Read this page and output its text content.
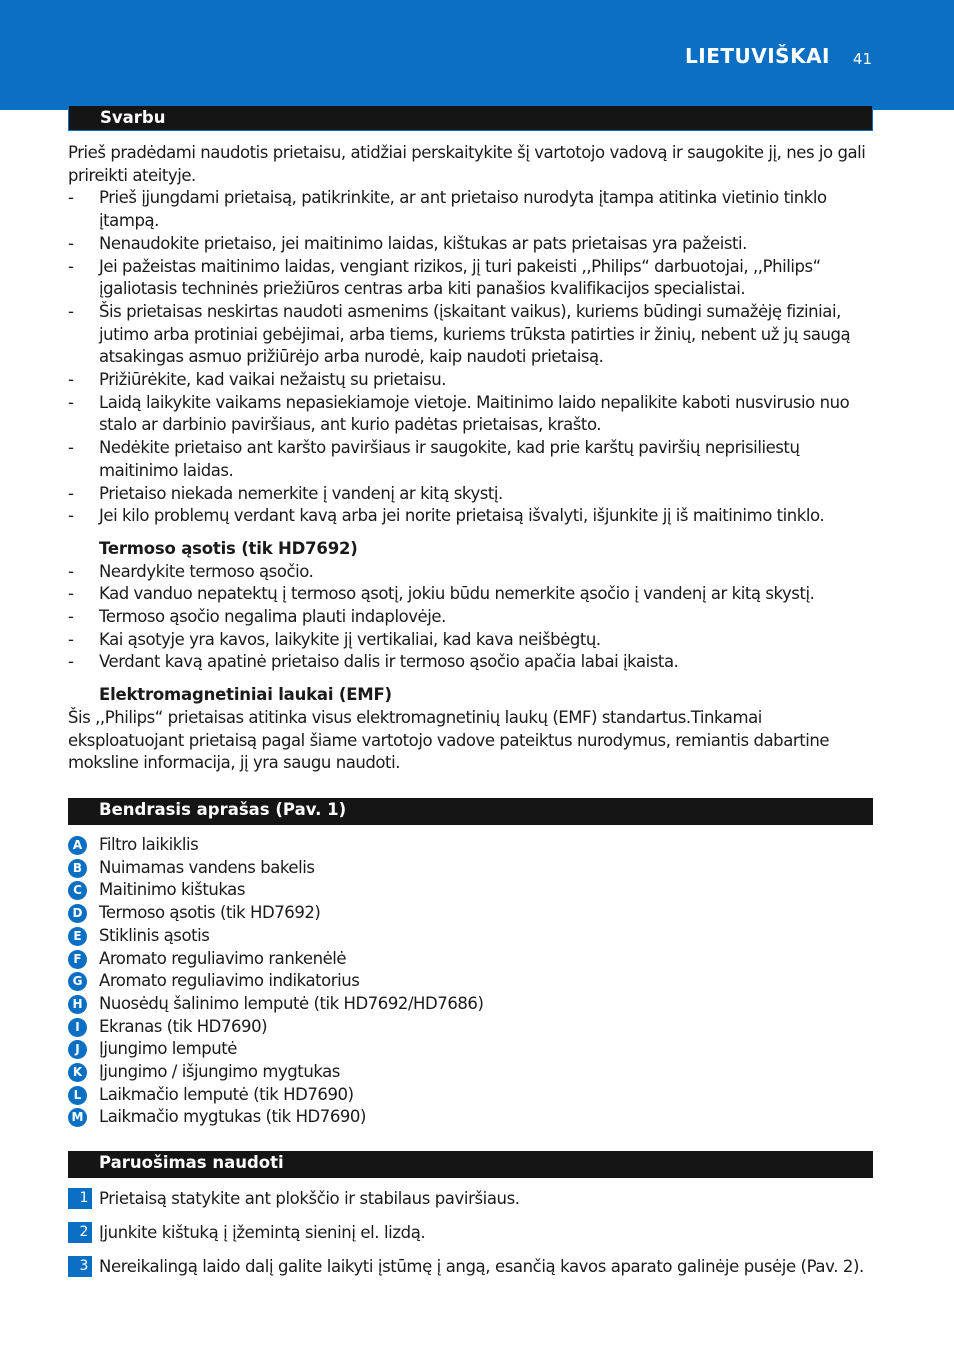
LIETUVIŠKAI 41
Svarbu

Prieš pradėdami naudotis prietaisu, atidžiai perskaitykite šį vartotojo vadovą ir saugokite jį, nes jo gali prireikti ateityje.

- Prieš įjungdami prietaisą, patikrinkite, ar ant prietaiso nurodyta įtampa atitinka vietinio tinklo įtampą.
- Nenaudokite prietaiso, jei maitinimo laidas, kištukas ar pats prietaisas yra pažeisti.
- Jei pažeistas maitinimo laidas, vengiant rizikos, jį turi pakeisti ,,Philips“ darbuotojai, ,,Philips“ įgaliotasis techninės priežiūros centras arba kiti panašios kvalifikacijos specialistai.
- Šis prietaisas neskirtas naudoti asmenims (įskaitant vaikus), kuriems būdingi sumažėję fiziniai, jutimo arba protiniai gebėjimai, arba tiems, kuriems trūksta patirties ir žinių, nebent už jų saugą atsakingas asmuo prižiūrėjo arba nurodė, kaip naudoti prietaisą.
- Prižiūrėkite, kad vaikai nežaistų su prietaisu.
- Laidą laikykite vaikams nepasiekiamoje vietoje. Maitinimo laido nepalikite kaboti nusvirusio nuo stalo ar darbinio paviršiaus, ant kurio padėtas prietaisas, krašto.
- Nedėkite prietaiso ant karšto paviršiaus ir saugokite, kad prie karštų paviršių neprisiliestų maitinimo laidas.
- Prietaiso niekada nemerkite į vandenį ar kitą skystį.
- Jei kilo problemų verdant kavą arba jei norite prietaisą išvalyti, išjunkite jį iš maitinimo tinklo.

Termoso ąsotis (tik HD7692)

- Neardykite termoso ąsočio.
- Kad vanduo nepatektų į termoso ąsotį, jokiu būdu nemerkite ąsočio į vandenį ar kitą skystį.
- Termoso ąsočio negalima plauti indaplovėje.
- Kai ąsotyje yra kavos, laikykite jį vertikaliai, kad kava neišbėgtų.
- Verdant kavą apatinė prietaiso dalis ir termoso ąsočio apačia labai įkaista.

Elektromagnetiniai laukai (EMF)

Šis ,,Philips“ prietaisas atitinka visus elektromagnetinių laukų (EMF) standartus.Tinkamai eksploatuojant prietaisą pagal šiame vartotojo vadove pateiktus nurodymus, remiantis dabartine moksline informacija, jį yra saugu naudoti.

Bendrasis aprašas (Pav. 1)
A Filtro laikiklis
B Nuimamas vandens bakelis
C	Maitinimo kištukas
D Termoso ąsotis (tik HD7692)
E	Stiklinis ąsotis
F	Aromato reguliavimo rankenėlė
G Aromato reguliavimo indikatorius
H Nuosėdų šalinimo lemputė (tik HD7692/HD7686)
I	Ekranas (tik HD7690)
J	Įjungimo lemputė
K Įjungimo / išjungimo mygtukas
L	Laikmačio lemputė (tik HD7690)
M Laikmačio mygtukas (tik HD7690)
Paruošimas naudoti
1 Prietaisą statykite ant plokščio ir stabilaus paviršiaus.
2 Įjunkite kištuką į įžemintą sieninį el. lizdą.
3 Nereikalingą laido dalį galite laikyti įstūmę į angą, esančią kavos aparato galinėje pusėje (Pav. 2).
